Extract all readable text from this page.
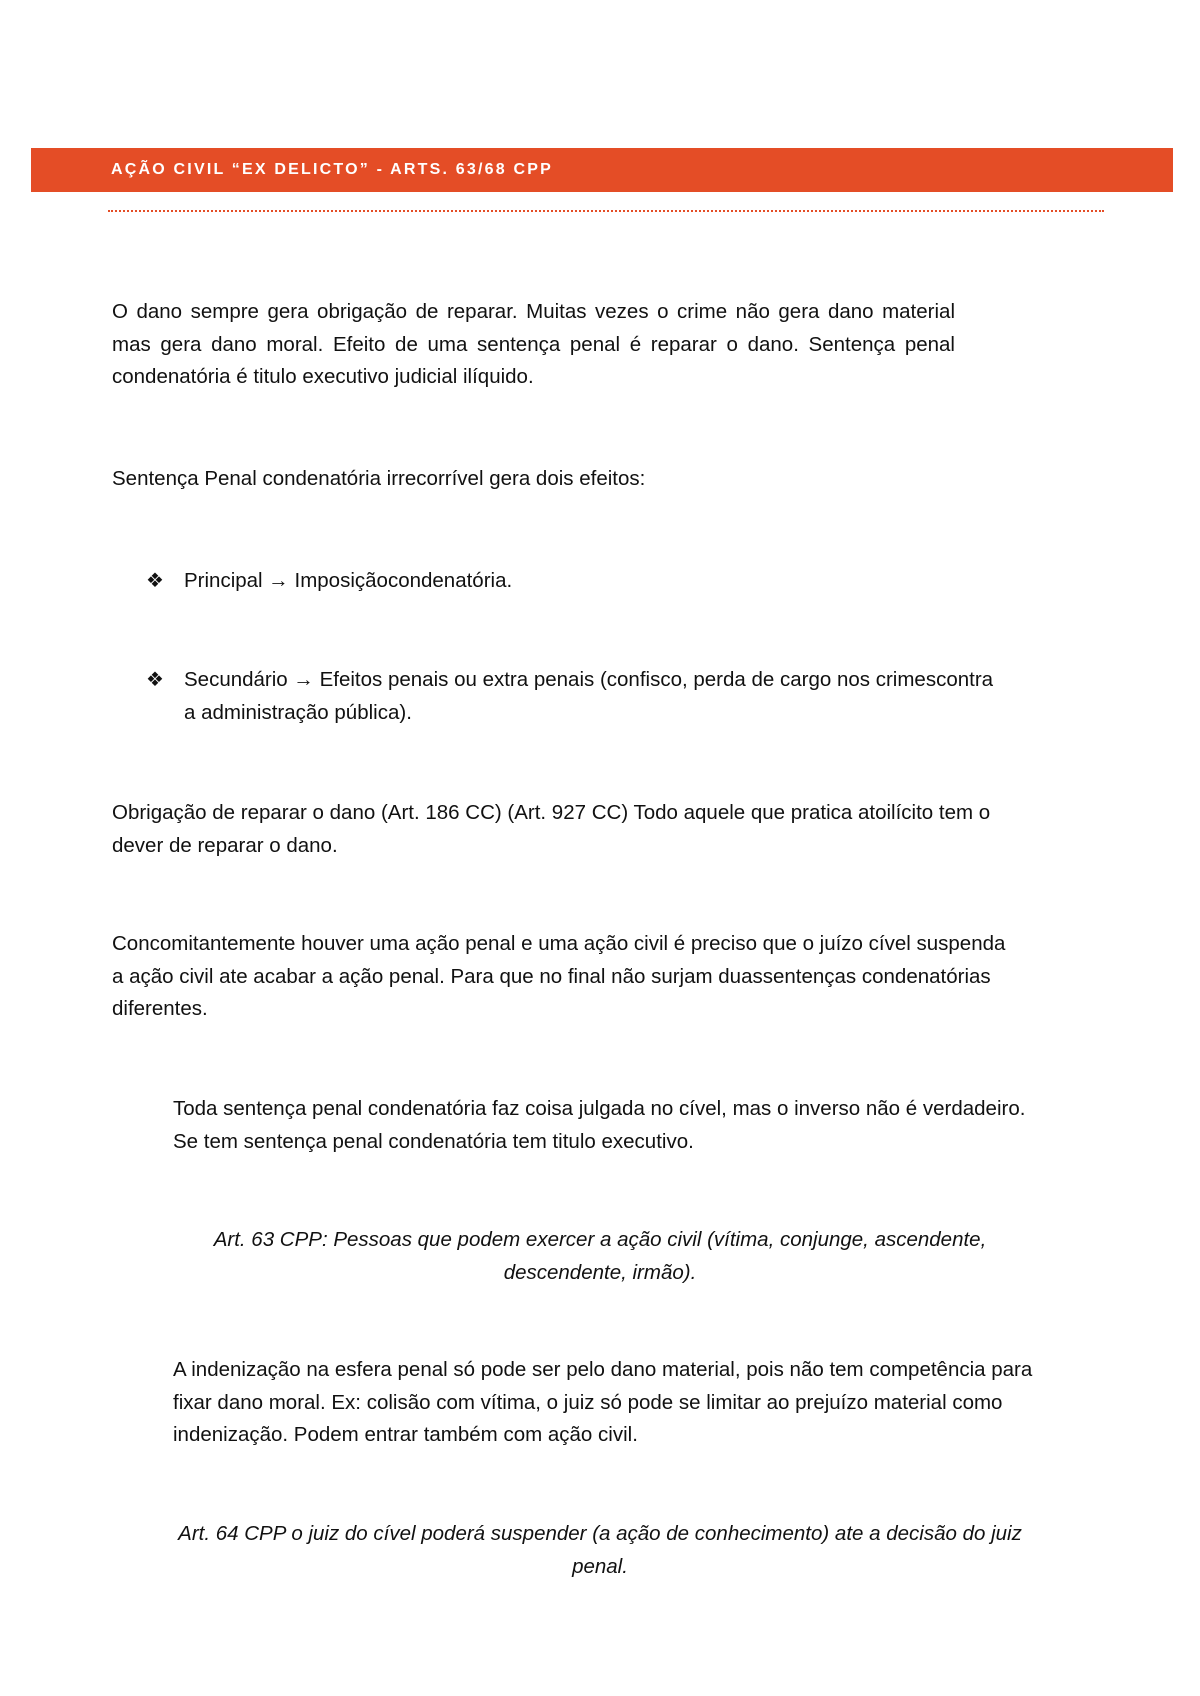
AÇÃO CIVIL “EX DELICTO” - ARTS. 63/68 CPP

O dano sempre gera obrigação de reparar. Muitas vezes o crime não gera dano material mas gera dano moral. Efeito de uma sentença penal é reparar o dano. Sentença penal condenatória é titulo executivo judicial ilíquido.

Sentença Penal condenatória irrecorrível gera dois efeitos:

❖ Principal → Imposiçãocondenatória.
❖ Secundário → Efeitos penais ou extra penais (confisco, perda de cargo nos crimescontra a administração pública).

Obrigação de reparar o dano (Art. 186 CC) (Art. 927 CC) Todo aquele que pratica atoilícito tem o dever de reparar o dano.

Concomitantemente houver uma ação penal e uma ação civil é preciso que o juízo cível suspenda a ação civil ate acabar a ação penal. Para que no final não surjam duassentenças condenatórias diferentes.

Toda sentença penal condenatória faz coisa julgada no cível, mas o inverso não é verdadeiro. Se tem sentença penal condenatória tem titulo executivo.

Art. 63 CPP: Pessoas que podem exercer a ação civil (vítima, conjunge, ascendente, descendente, irmão).

A indenização na esfera penal só pode ser pelo dano material, pois não tem competência para fixar dano moral. Ex: colisão com vítima, o juiz só pode se limitar ao prejuízo material como indenização. Podem entrar também com ação civil.

Art. 64 CPP o juiz do cível poderá suspender (a ação de conhecimento) ate a decisão do juiz penal.
